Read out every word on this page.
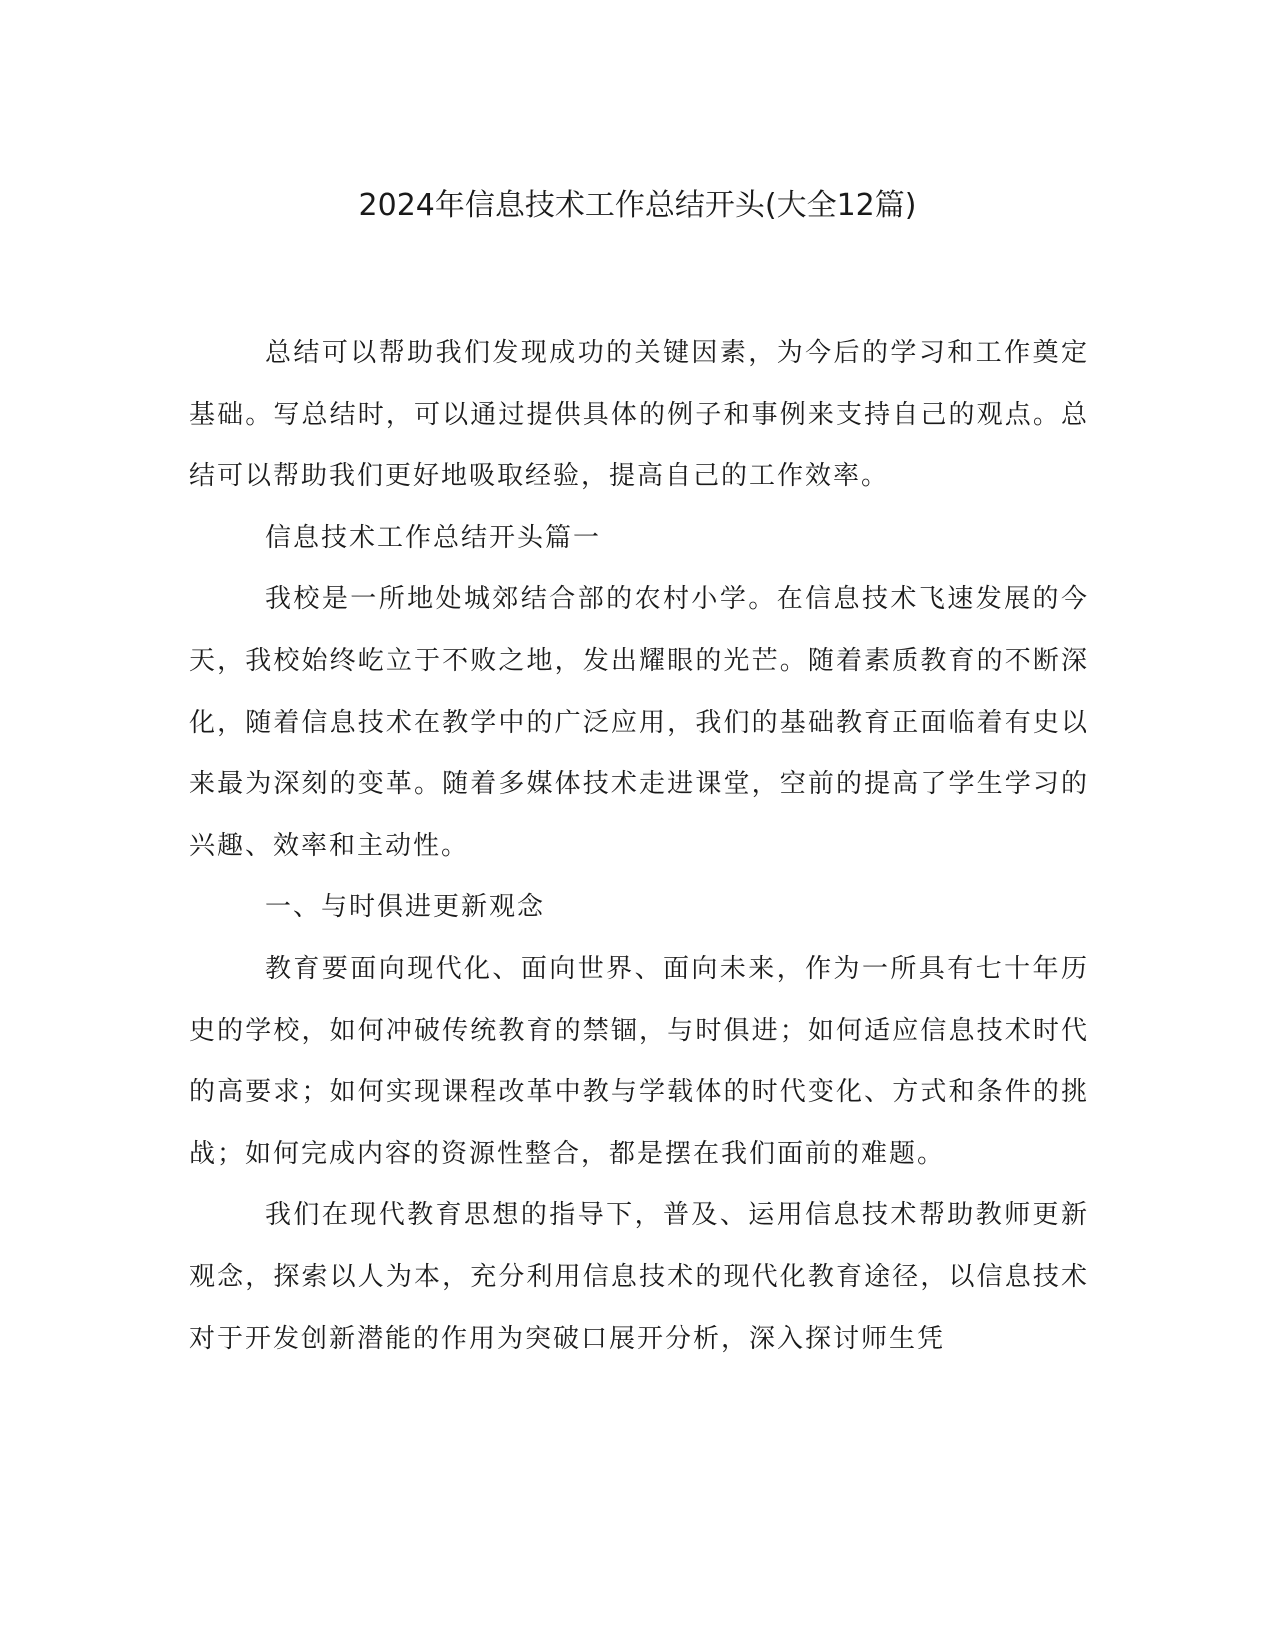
2024年信息技术工作总结开头(大全12篇)

总结可以帮助我们发现成功的关键因素，为今后的学习和工作奠定基础。写总结时，可以通过提供具体的例子和事例来支持自己的观点。总结可以帮助我们更好地吸取经验，提高自己的工作效率。

信息技术工作总结开头篇一

我校是一所地处城郊结合部的农村小学。在信息技术飞速发展的今天，我校始终屹立于不败之地，发出耀眼的光芒。随着素质教育的不断深化，随着信息技术在教学中的广泛应用，我们的基础教育正面临着有史以来最为深刻的变革。随着多媒体技术走进课堂，空前的提高了学生学习的兴趣、效率和主动性。

一、与时俱进更新观念

教育要面向现代化、面向世界、面向未来，作为一所具有七十年历史的学校，如何冲破传统教育的禁锢，与时俱进；如何适应信息技术时代的高要求；如何实现课程改革中教与学载体的时代变化、方式和条件的挑战；如何完成内容的资源性整合，都是摆在我们面前的难题。

我们在现代教育思想的指导下，普及、运用信息技术帮助教师更新观念，探索以人为本，充分利用信息技术的现代化教育途径，以信息技术对于开发创新潜能的作用为突破口展开分析，深入探讨师生凭
